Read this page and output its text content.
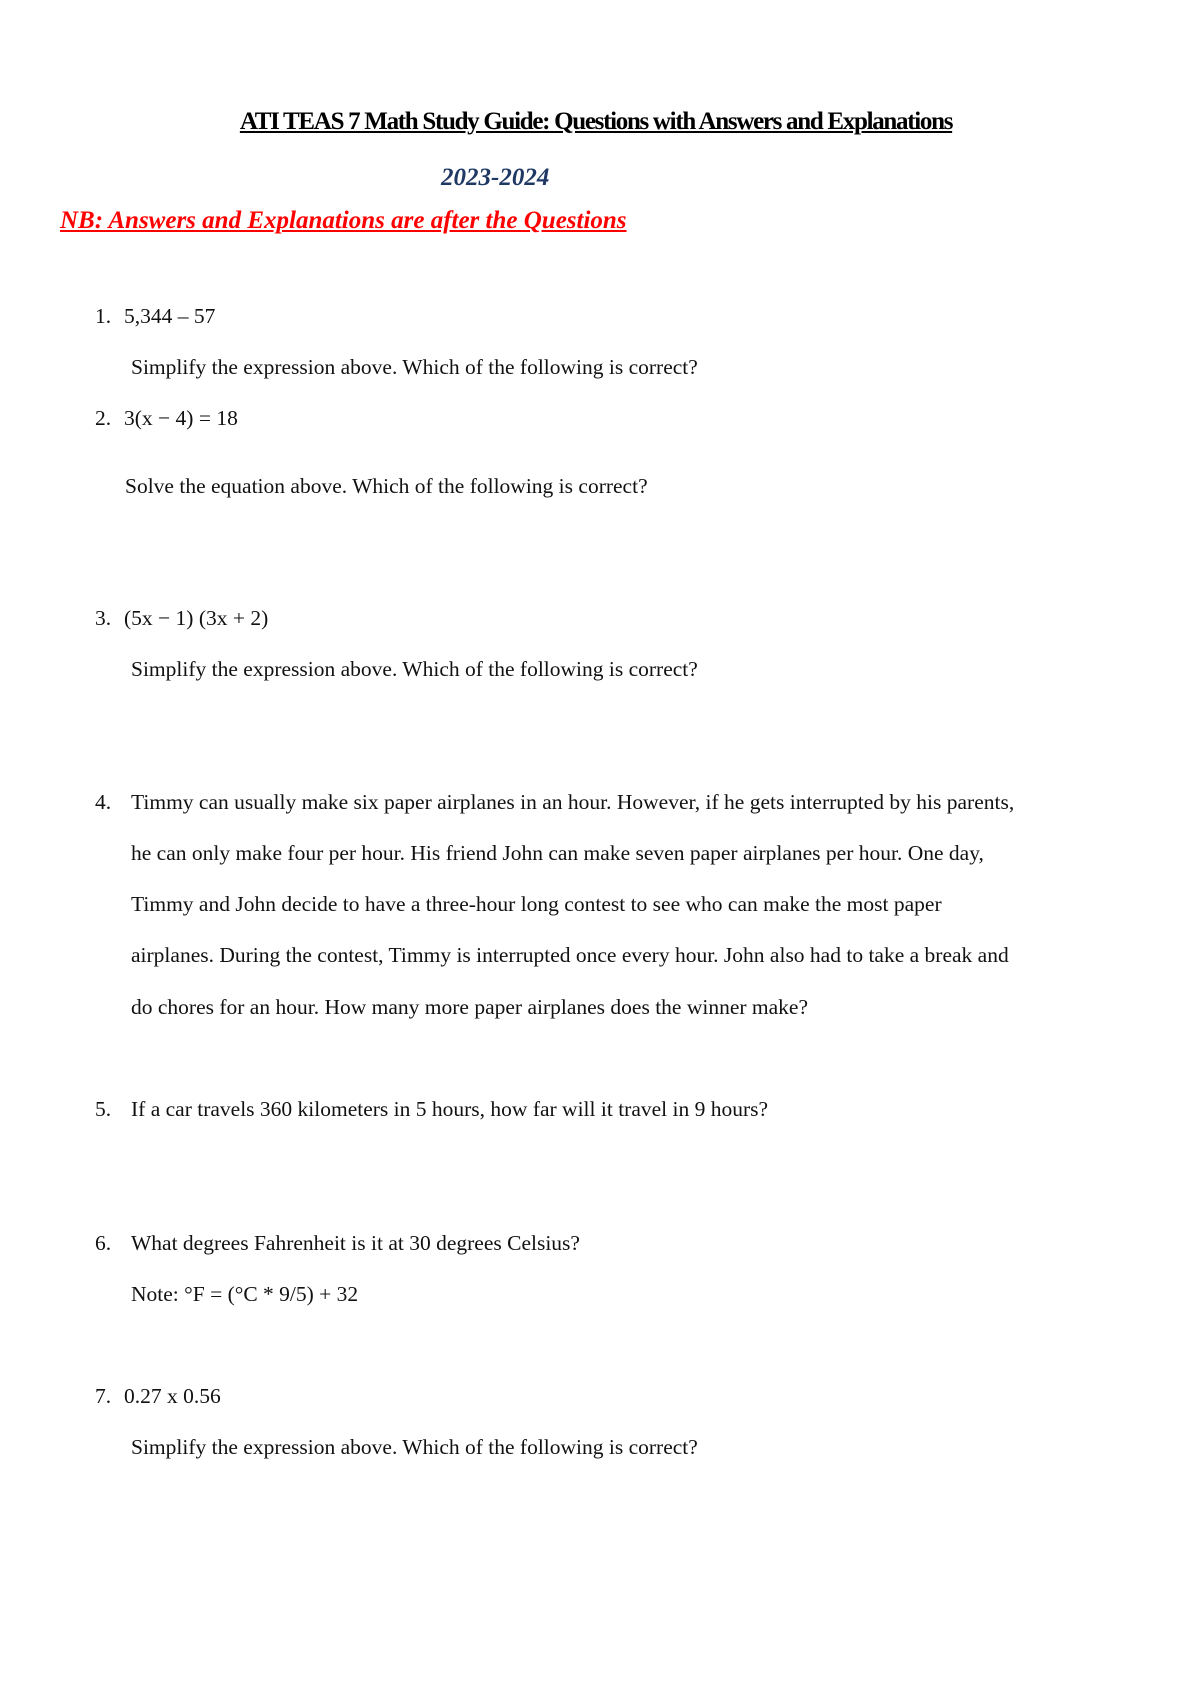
ATI TEAS 7 Math Study Guide: Questions with Answers and Explanations
2023-2024
NB: Answers and Explanations are after the Questions
1. 5,344 – 57
Simplify the expression above. Which of the following is correct?
2. 3(x − 4) = 18
Solve the equation above. Which of the following is correct?
3. (5x − 1) (3x + 2)
Simplify the expression above. Which of the following is correct?
4. Timmy can usually make six paper airplanes in an hour. However, if he gets interrupted by his parents,
he can only make four per hour. His friend John can make seven paper airplanes per hour. One day,
Timmy and John decide to have a three-hour long contest to see who can make the most paper
airplanes. During the contest, Timmy is interrupted once every hour. John also had to take a break and
do chores for an hour. How many more paper airplanes does the winner make?
5. If a car travels 360 kilometers in 5 hours, how far will it travel in 9 hours?
6. What degrees Fahrenheit is it at 30 degrees Celsius?
Note: °F = (°C * 9/5) + 32
7. 0.27 x 0.56
Simplify the expression above. Which of the following is correct?
